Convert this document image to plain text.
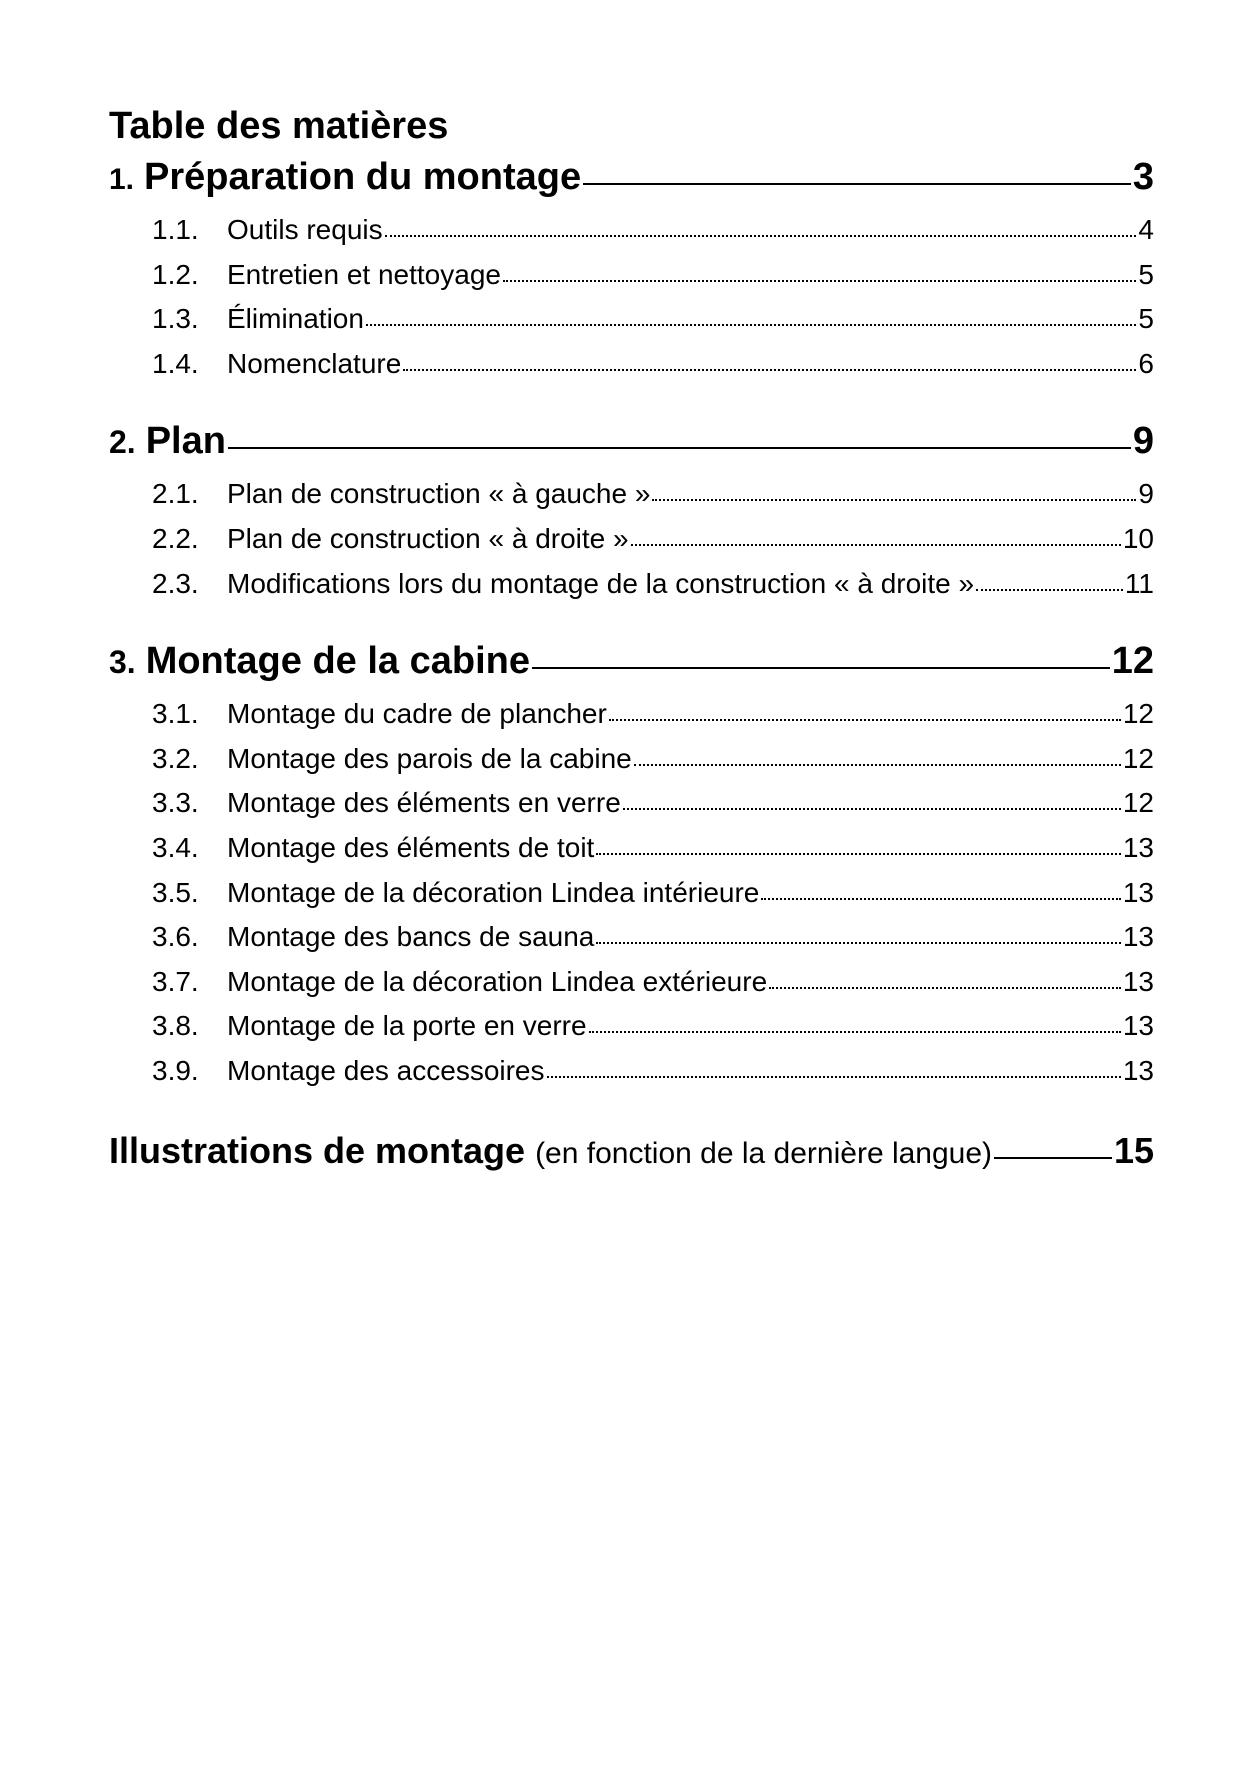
Table des matières
1. Préparation du montage	3
1.1.	Outils requis	4
1.2.	Entretien et nettoyage	5
1.3.	Élimination	5
1.4.	Nomenclature	6
2. Plan	9
2.1.	Plan de construction « à gauche »	9
2.2.	Plan de construction « à droite »	10
2.3.	Modifications lors du montage de la construction « à droite »	11
3. Montage de la cabine	12
3.1.	Montage du cadre de plancher	12
3.2.	Montage des parois de la cabine	12
3.3.	Montage des éléments en verre	12
3.4.	Montage des éléments de toit	13
3.5.	Montage de la décoration Lindea intérieure	13
3.6.	Montage des bancs de sauna	13
3.7.	Montage de la décoration Lindea extérieure	13
3.8.	Montage de la porte en verre	13
3.9.	Montage des accessoires	13
Illustrations de montage (en fonction de la dernière langue)	15
